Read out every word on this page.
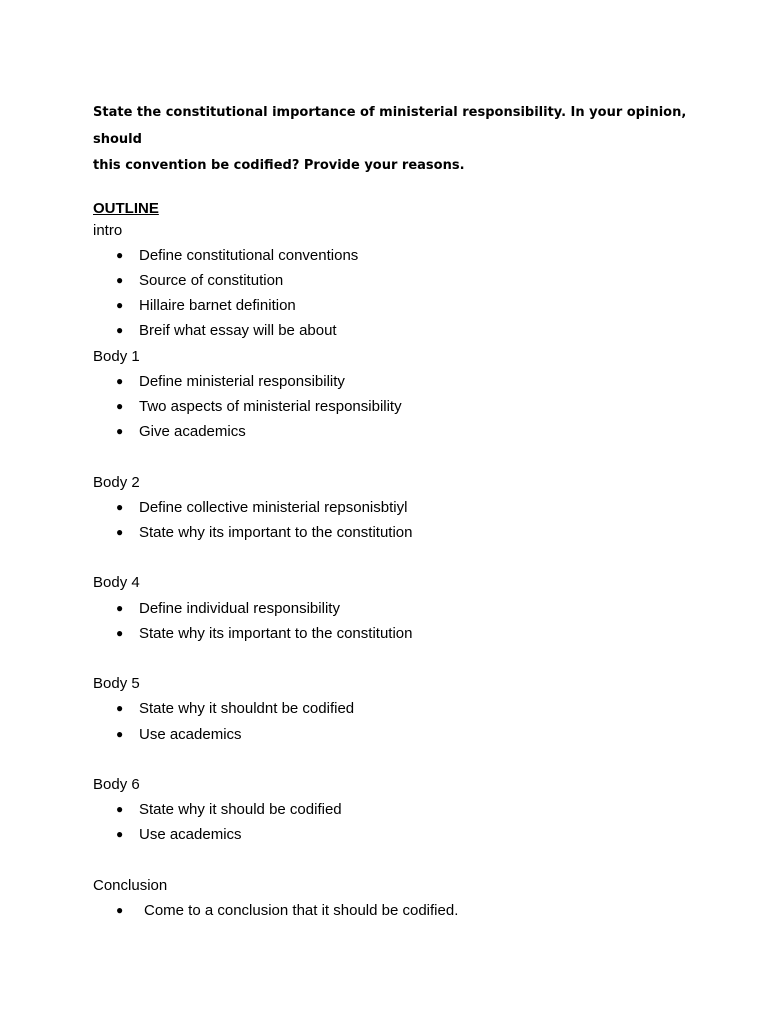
State the constitutional importance of ministerial responsibility. In your opinion, should
this convention be codified? Provide your reasons.

OUTLINE
intro
● Define constitutional conventions
● Source of constitution
● Hillaire barnet definition
● Breif what essay will be about
Body 1
● Define ministerial responsibility
● Two aspects of ministerial responsibility
● Give academics
Body 2
● Define collective ministerial repsonisbtiyl
● State why its important to the constitution
Body 4
● Define individual responsibility
● State why its important to the constitution
Body 5
● State why it shouldnt be codified
● Use academics
Body 6
● State why it should be codified
● Use academics
Conclusion
● Come to a conclusion that it should be codified.
